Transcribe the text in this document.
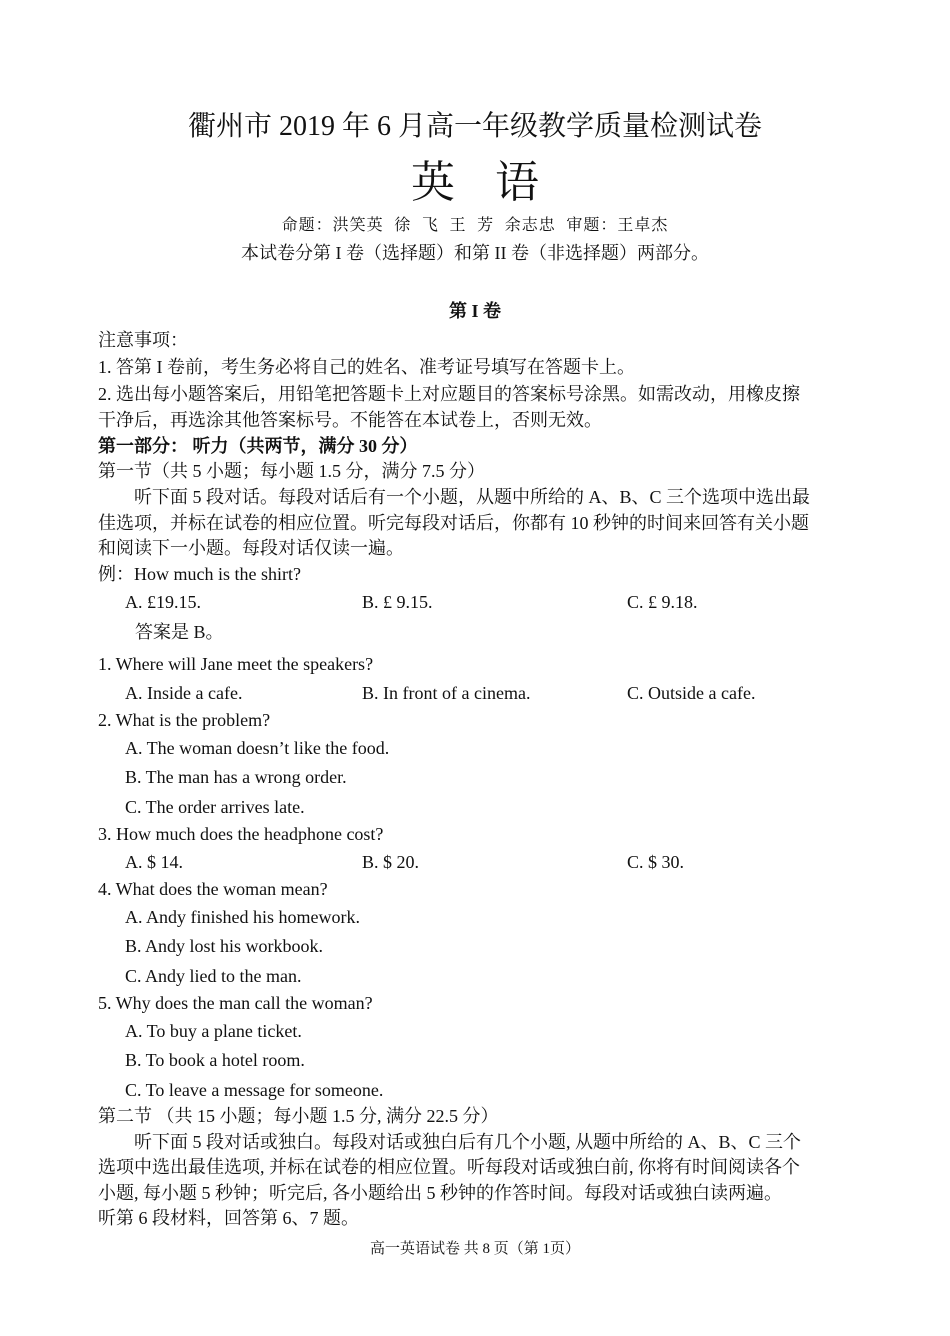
衢州市 2019 年 6 月高一年级教学质量检测试卷
英语
命题：洪笑英 徐 飞 王 芳 余志忠 审题：王卓杰
本试卷分第 I 卷（选择题）和第 II 卷（非选择题）两部分。
第 I 卷
注意事项：
1. 答第 I 卷前，考生务必将自己的姓名、准考证号填写在答题卡上。
2. 选出每小题答案后，用铅笔把答题卡上对应题目的答案标号涂黑。如需改动，用橡皮擦
干净后，再选涂其他答案标号。不能答在本试卷上，否则无效。
第一部分： 听力（共两节，满分 30 分）
第一节（共 5 小题；每小题 1.5 分，满分 7.5 分）
听下面 5 段对话。每段对话后有一个小题，从题中所给的 A、B、C 三个选项中选出最
佳选项，并标在试卷的相应位置。听完每段对话后，你都有 10 秒钟的时间来回答有关小题
和阅读下一小题。每段对话仅读一遍。
例：How much is the shirt?
A. £19.15.	B. £ 9.15.	C. £ 9.18.
答案是 B。
1. Where will Jane meet the speakers?
A. Inside a cafe.	B. In front of a cinema.	C. Outside a cafe.
2. What is the problem?
A. The woman doesn’t like the food.
B. The man has a wrong order.
C. The order arrives late.
3. How much does the headphone cost?
A. $ 14.	B. $ 20.	C. $ 30.
4. What does the woman mean?
A. Andy finished his homework.
B. Andy lost his workbook.
C. Andy lied to the man.
5. Why does the man call the woman?
A. To buy a plane ticket.
B. To book a hotel room.
C. To leave a message for someone.
第二节 （共 15 小题；每小题 1.5 分, 满分 22.5 分）
听下面 5 段对话或独白。每段对话或独白后有几个小题, 从题中所给的 A、B、C 三个
选项中选出最佳选项, 并标在试卷的相应位置。听每段对话或独白前, 你将有时间阅读各个
小题, 每小题 5 秒钟；听完后, 各小题给出 5 秒钟的作答时间。每段对话或独白读两遍。
听第 6 段材料，回答第 6、7 题。
高一英语试卷 共 8 页（第 1页）
